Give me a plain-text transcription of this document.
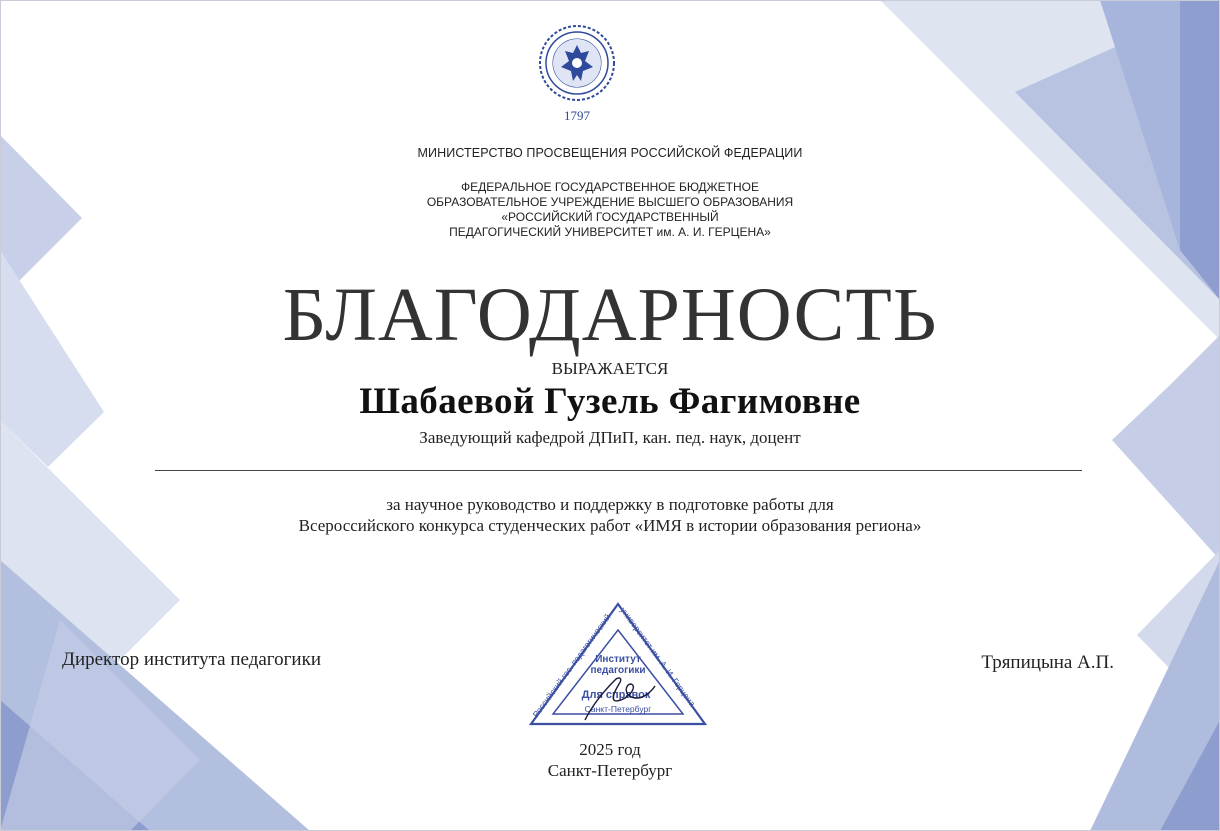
1797
МИНИСТЕРСТВО ПРОСВЕЩЕНИЯ РОССИЙСКОЙ ФЕДЕРАЦИИ
ФЕДЕРАЛЬНОЕ ГОСУДАРСТВЕННОЕ БЮДЖЕТНОЕ
ОБРАЗОВАТЕЛЬНОЕ УЧРЕЖДЕНИЕ ВЫСШЕГО ОБРАЗОВАНИЯ
«РОССИЙСКИЙ ГОСУДАРСТВЕННЫЙ
ПЕДАГОГИЧЕСКИЙ УНИВЕРСИТЕТ им. А. И. ГЕРЦЕНА»
БЛАГОДАРНОСТЬ
ВЫРАЖАЕТСЯ
Шабаевой Гузель Фагимовне
Заведующий кафедрой ДПиП, кан. пед. наук, доцент
за научное руководство и поддержку в подготовке работы для
Всероссийского конкурса студенческих работ «ИМЯ в истории образования региона»
Директор института педагогики	Тряпицына А.П.
Российский гос. педагогический
университет им. А. И. Герцена
Институт
педагогики
Для справок
Санкт-Петербург
2025 год
Санкт-Петербург
